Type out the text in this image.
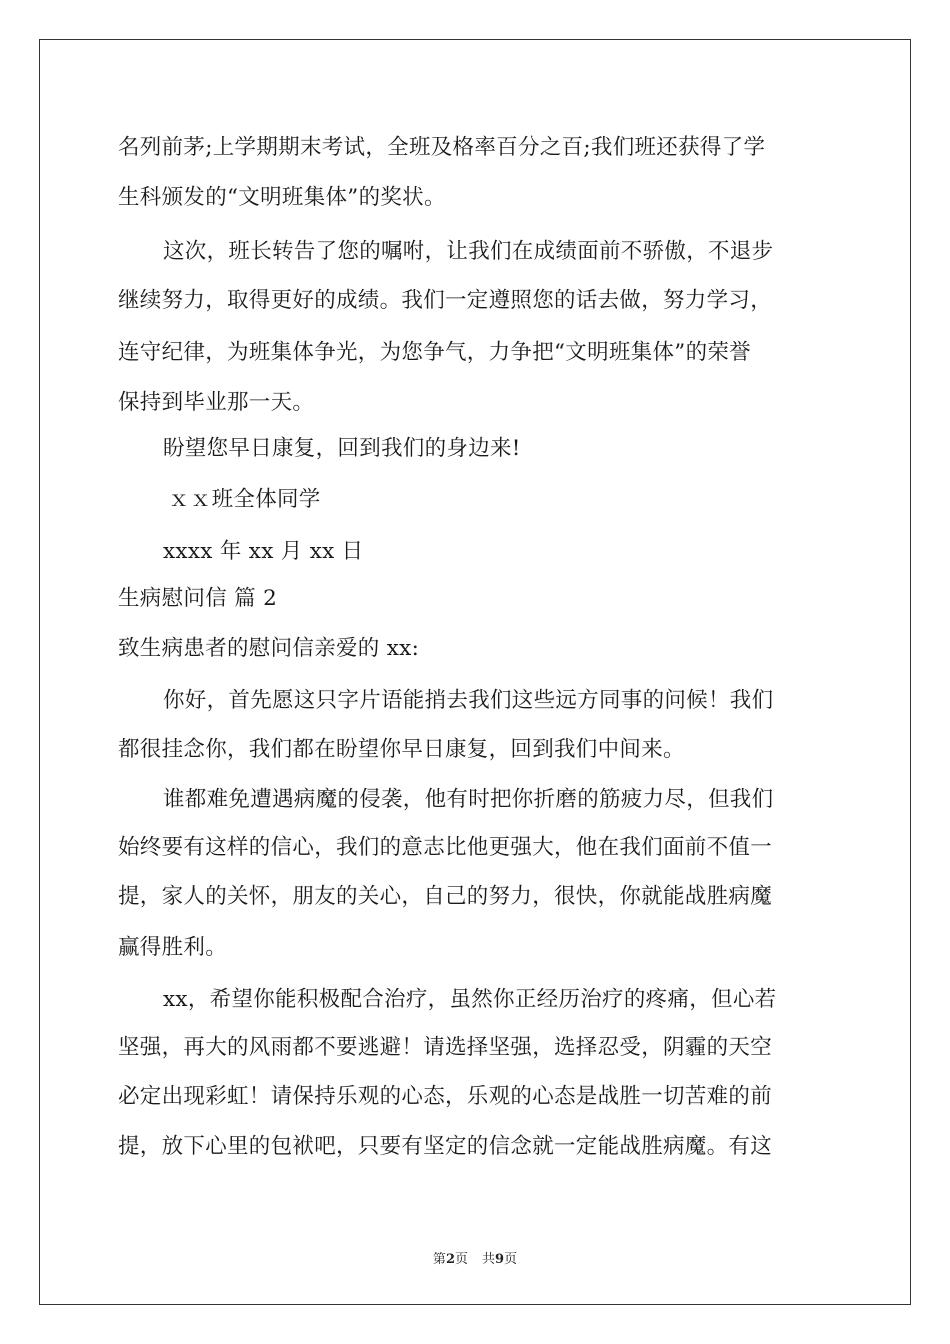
名列前茅;上学期期末考试，全班及格率百分之百;我们班还获得了学
生科颁发的“文明班集体”的奖状。
这次，班长转告了您的嘱咐，让我们在成绩面前不骄傲，不退步
继续努力，取得更好的成绩。我们一定遵照您的话去做，努力学习，
连守纪律，为班集体争光，为您争气，力争把“文明班集体”的荣誉
保持到毕业那一天。
盼望您早日康复，回到我们的身边来!
ｘｘ班全体同学
xxxx 年 xx 月 xx 日
生病慰问信 篇 2
致生病患者的慰问信亲爱的 xx:
你好，首先愿这只字片语能捎去我们这些远方同事的问候！我们
都很挂念你，我们都在盼望你早日康复，回到我们中间来。
谁都难免遭遇病魔的侵袭，他有时把你折磨的筋疲力尽，但我们
始终要有这样的信心，我们的意志比他更强大，他在我们面前不值一
提，家人的关怀，朋友的关心，自己的努力，很快，你就能战胜病魔
赢得胜利。
xx，希望你能积极配合治疗，虽然你正经历治疗的疼痛，但心若
坚强，再大的风雨都不要逃避！请选择坚强，选择忍受，阴霾的天空
必定出现彩虹！请保持乐观的心态，乐观的心态是战胜一切苦难的前
提，放下心里的包袱吧，只要有坚定的信念就一定能战胜病魔。有这
第2页 共9页
